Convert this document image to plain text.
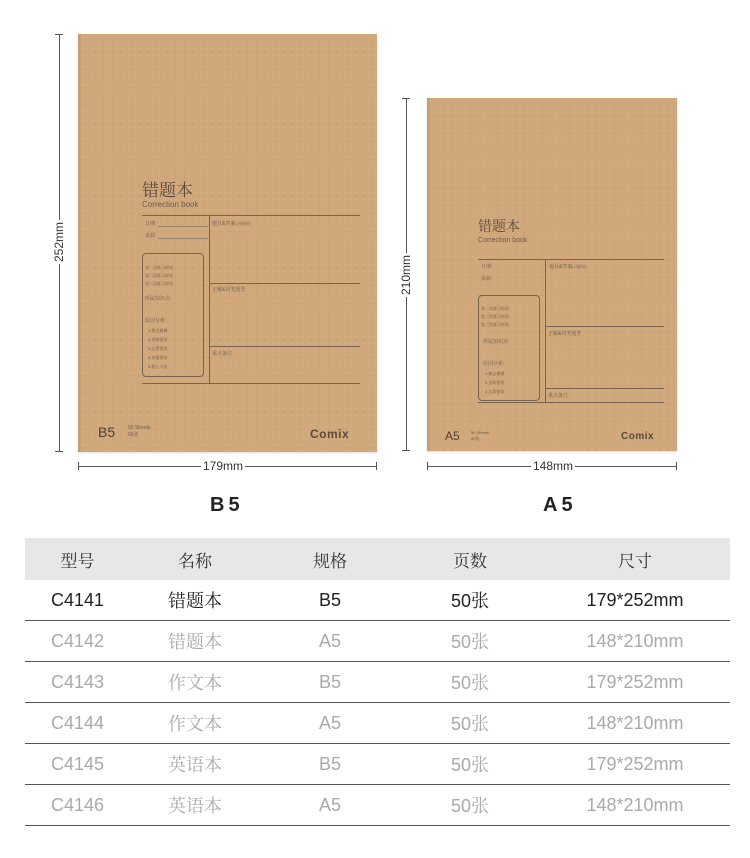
错题本
Correction book
日期:
来源:
题目&答案 (可粘贴)
第一次练习时间
第二次练习时间
第三次练习时间
所属知识点:
原因分析:
1.概念模糊
2.思路错误
3.运算错误
4.审题错误
5.粗心大意
正解&同类题型
重点备注
B5	50 Sheets
50张	Comix
252mm
179mm
B5
错题本
Correction book
日期:
来源:
题目&答案 (可粘贴)
第一次练习时间
第二次练习时间
第三次练习时间
所属知识点:
原因分析:
1.概念模糊
2.思路错误
3.运算错误
正解&同类题型
重点备注
A5	50 Sheets
50张	Comix
210mm
148mm
A5
型号	名称	规格	页数	尺寸
C4141	错题本	B5	50张	179*252mm
C4142	错题本	A5	50张	148*210mm
C4143	作文本	B5	50张	179*252mm
C4144	作文本	A5	50张	148*210mm
C4145	英语本	B5	50张	179*252mm
C4146	英语本	A5	50张	148*210mm
